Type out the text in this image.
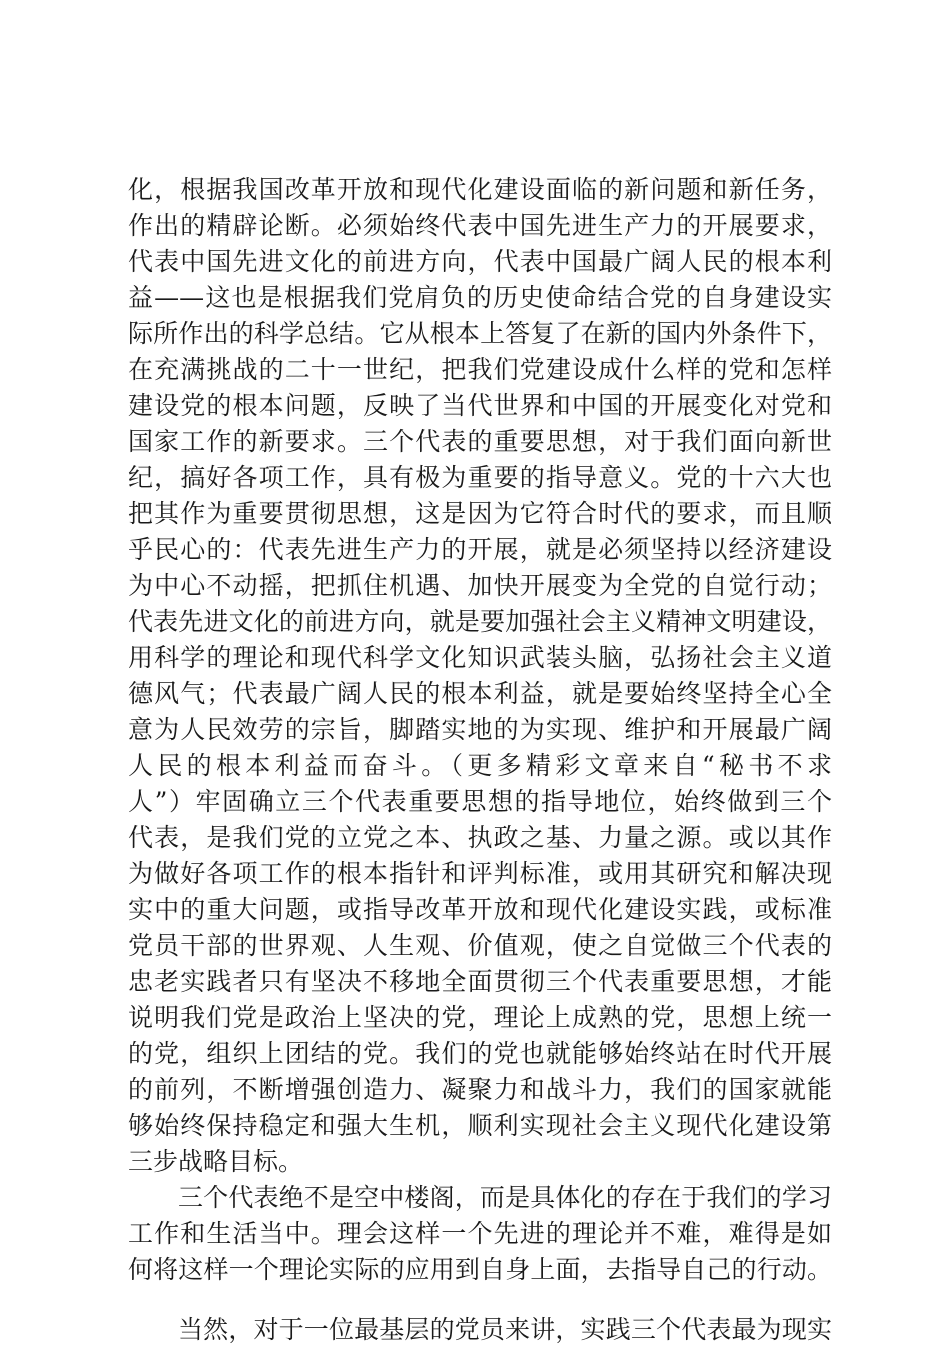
化，根据我国改革开放和现代化建设面临的新问题和新任务，
作出的精辟论断。必须始终代表中国先进生产力的开展要求，
代表中国先进文化的前进方向，代表中国最广阔人民的根本利
益——这也是根据我们党肩负的历史使命结合党的自身建设实
际所作出的科学总结。它从根本上答复了在新的国内外条件下，
在充满挑战的二十一世纪，把我们党建设成什么样的党和怎样
建设党的根本问题，反映了当代世界和中国的开展变化对党和
国家工作的新要求。三个代表的重要思想，对于我们面向新世
纪，搞好各项工作，具有极为重要的指导意义。党的十六大也
把其作为重要贯彻思想，这是因为它符合时代的要求，而且顺
乎民心的：代表先进生产力的开展，就是必须坚持以经济建设
为中心不动摇，把抓住机遇、加快开展变为全党的自觉行动；
代表先进文化的前进方向，就是要加强社会主义精神文明建设，
用科学的理论和现代科学文化知识武装头脑，弘扬社会主义道
德风气；代表最广阔人民的根本利益，就是要始终坚持全心全
意为人民效劳的宗旨，脚踏实地的为实现、维护和开展最广阔
人民的根本利益而奋斗。（更多精彩文章来自“秘书不求
人”）牢固确立三个代表重要思想的指导地位，始终做到三个
代表，是我们党的立党之本、执政之基、力量之源。或以其作
为做好各项工作的根本指针和评判标准，或用其研究和解决现
实中的重大问题，或指导改革开放和现代化建设实践，或标准
党员干部的世界观、人生观、价值观，使之自觉做三个代表的
忠老实践者只有坚决不移地全面贯彻三个代表重要思想，才能
说明我们党是政治上坚决的党，理论上成熟的党，思想上统一
的党，组织上团结的党。我们的党也就能够始终站在时代开展
的前列，不断增强创造力、凝聚力和战斗力，我们的国家就能
够始终保持稳定和强大生机，顺利实现社会主义现代化建设第
三步战略目标。
三个代表绝不是空中楼阁，而是具体化的存在于我们的学习
工作和生活当中。理会这样一个先进的理论并不难，难得是如
何将这样一个理论实际的应用到自身上面，去指导自己的行动。
当然，对于一位最基层的党员来讲，实践三个代表最为现实
